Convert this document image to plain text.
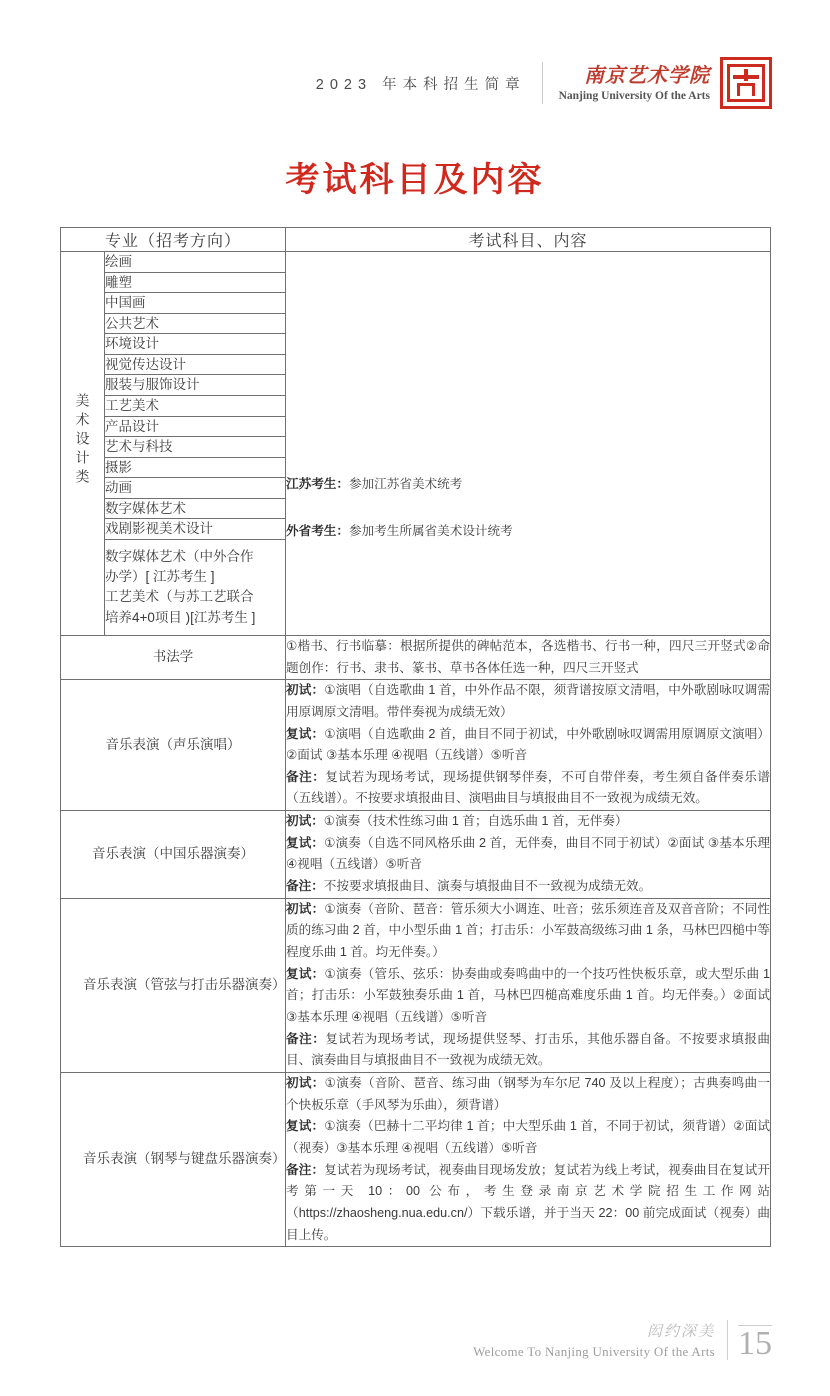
2023 年本科招生简章	南京艺术学院
Nanjing University Of the Arts
考试科目及内容
专业（招考方向）		考试科目、内容
美术设计类	绘画	江苏考生：参加江苏省美术统考

外省考生：参加考生所属省美术设计统考

	雕塑	
	中国画	
	公共艺术	
	环境设计	
	视觉传达设计	
	服装与服饰设计	
	工艺美术	
	产品设计	
	艺术与科技	
	摄影	
	动画	
	数字媒体艺术	
	戏剧影视美术设计	

	数字媒体艺术（中外合作
办学）[ 江苏考生 ]
工艺美术（与苏工艺联合
培养4+0项目 )[江苏考生 ]	

书法学		①楷书、行书临摹：根据所提供的碑帖范本，各选楷书、行书一种，四尺三开竖式②命题创作：行书、隶书、篆书、草书各体任选一种，四尺三开竖式

音乐表演（声乐演唱）		初试：①演唱（自选歌曲 1 首，中外作品不限，须背谱按原文清唱，中外歌剧咏叹调需用原调原文清唱。带伴奏视为成绩无效）

复试：①演唱（自选歌曲 2 首，曲目不同于初试，中外歌剧咏叹调需用原调原文演唱）②面试 ③基本乐理 ④视唱（五线谱）⑤听音

备注：复试若为现场考试，现场提供钢琴伴奏，不可自带伴奏，考生须自备伴奏乐谱（五线谱）。不按要求填报曲目、演唱曲目与填报曲目不一致视为成绩无效。

音乐表演（中国乐器演奏）		初试：①演奏（技术性练习曲 1 首；自选乐曲 1 首，无伴奏）

复试：①演奏（自选不同风格乐曲 2 首，无伴奏，曲目不同于初试）②面试 ③基本乐理 ④视唱（五线谱）⑤听音

备注：不按要求填报曲目、演奏与填报曲目不一致视为成绩无效。

音乐表演（管弦与打击乐器演奏）		初试：①演奏（音阶、琶音：管乐须大小调连、吐音；弦乐须连音及双音音阶；不同性质的练习曲 2 首，中小型乐曲 1 首；打击乐：小军鼓高级练习曲 1 条，马林巴四槌中等程度乐曲 1 首。均无伴奏。）

复试：①演奏（管乐、弦乐：协奏曲或奏鸣曲中的一个技巧性快板乐章，或大型乐曲 1 首；打击乐：小军鼓独奏乐曲 1 首，马林巴四槌高难度乐曲 1 首。均无伴奏。）②面试 ③基本乐理 ④视唱（五线谱）⑤听音

备注：复试若为现场考试，现场提供竖琴、打击乐，其他乐器自备。不按要求填报曲目、演奏曲目与填报曲目不一致视为成绩无效。

音乐表演（钢琴与键盘乐器演奏）		初试：①演奏（音阶、琶音、练习曲（钢琴为车尔尼 740 及以上程度）；古典奏鸣曲一个快板乐章（手风琴为乐曲），须背谱）

复试：①演奏（巴赫十二平均律 1 首；中大型乐曲 1 首，不同于初试，须背谱）②面试（视奏）③基本乐理 ④视唱（五线谱）⑤听音

备注：复试若为现场考试，视奏曲目现场发放；复试若为线上考试，视奏曲目在复试开考第一天 10：00 公布，考生登录南京艺术学院招生工作网站（https://zhaosheng.nua.edu.cn/）下载乐谱，并于当天 22：00 前完成面试（视奏）曲目上传。

闳约深美
Welcome To Nanjing University Of the Arts 15
